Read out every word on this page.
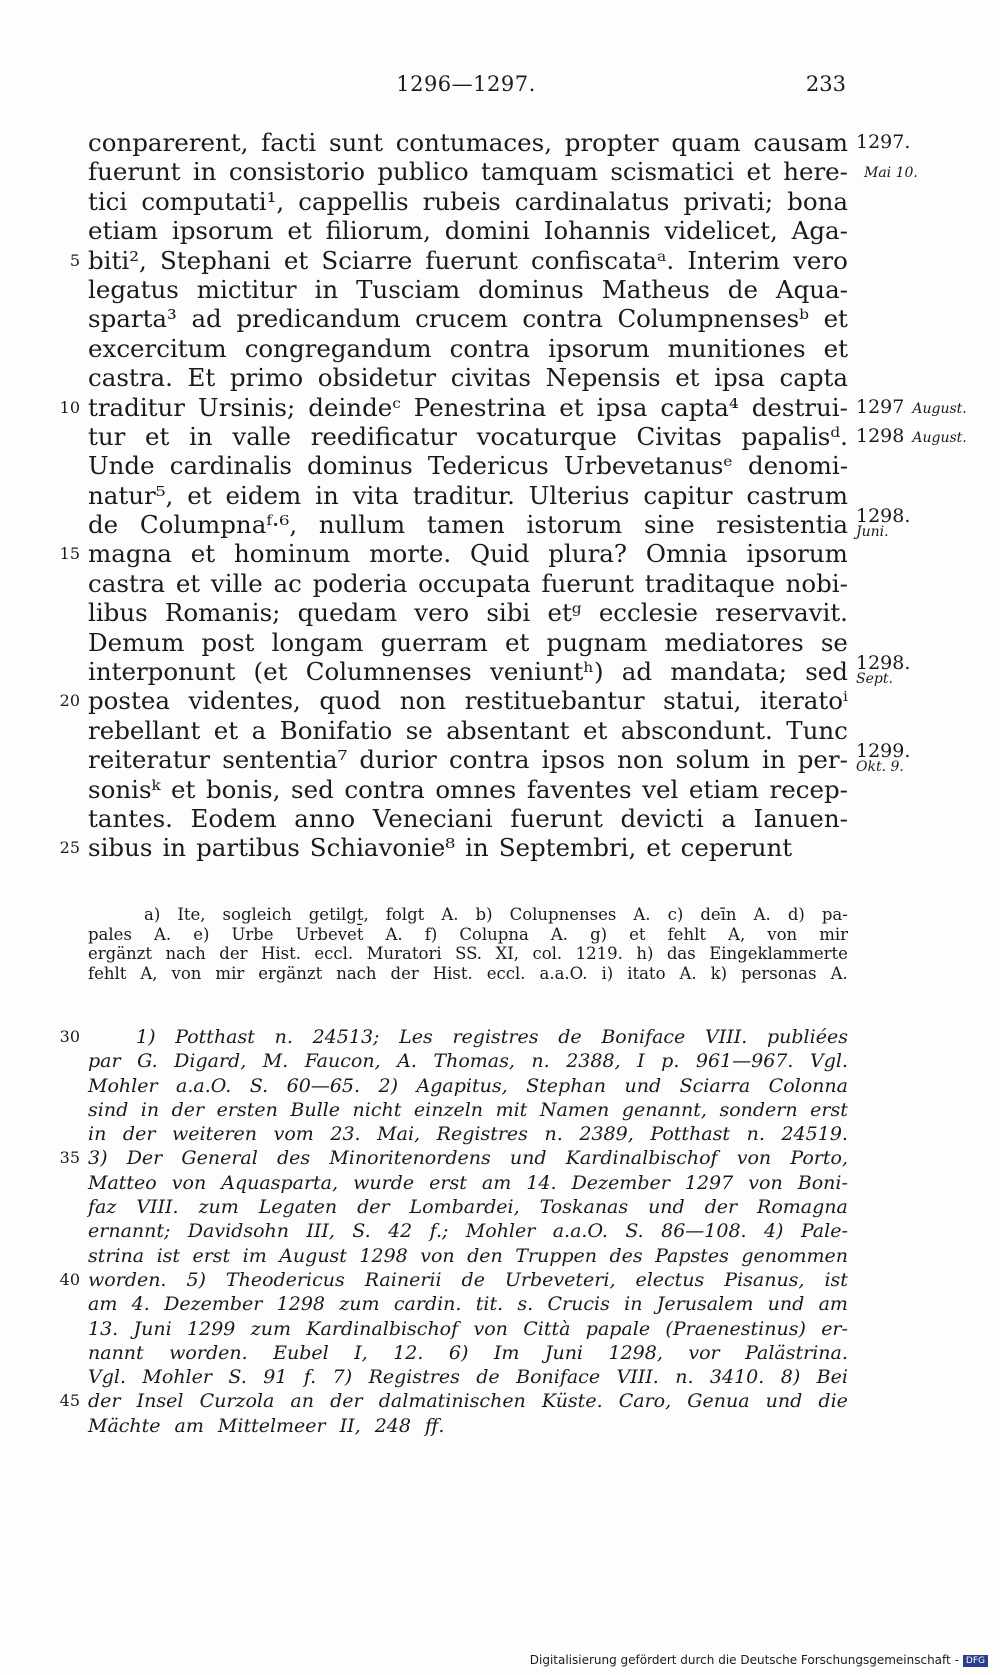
1296—1297.	233
conparerent, facti sunt contumaces, propter quam causam 1297.
fuerunt in consistorio publico tamquam scismatici et here-	Mai 10.
tici computati¹, cappellis rubeis cardinalatus privati; bona
etiam ipsorum et filiorum, domini Iohannis videlicet, Aga-
5 biti², Stephani et Sciarre fuerunt confiscataᵃ. Interim vero
legatus mictitur in Tusciam dominus Matheus de Aqua-
sparta³ ad predicandum crucem contra Columpnensesᵇ et
excercitum congregandum contra ipsorum munitiones et
castra. Et primo obsidetur civitas Nepensis et ipsa capta
10 traditur Ursinis; deindeᶜ Penestrina et ipsa capta⁴ destrui- 1297 August.
tur et in valle reedificatur vocaturque Civitas papalisᵈ. 1298 August.
Unde cardinalis dominus Tedericus Urbevetanusᵉ denomi-
natur⁵, et eidem in vita traditur. Ulterius capitur castrum
de Columpnaᶠ·⁶, nullum tamen istorum sine resistentia 1298.
Juni.
15 magna et hominum morte. Quid plura? Omnia ipsorum
castra et ville ac poderia occupata fuerunt traditaque nobi-
libus Romanis; quedam vero sibi etᵍ ecclesie reservavit.
Demum post longam guerram et pugnam mediatores se
interponunt (et Columnenses veniuntʰ) ad mandata; sed 1298.
Sept.
20 postea videntes, quod non restituebantur statui, iteratoⁱ
rebellant et a Bonifatio se absentant et abscondunt. Tunc
reiteratur sententia⁷ durior contra ipsos non solum in per- 1299.
Okt. 9.
sonisᵏ et bonis, sed contra omnes faventes vel etiam recep-
tantes. Eodem anno Veneciani fuerunt devicti a Ianuen-
25 sibus in partibus Schiavonie⁸ in Septembri, et ceperunt
a) Ite, sogleich getilgt, folgt A. b) Colupnenses A. c) deīn A. d) pa-
pales A. e) Urbe Urbevet̄ A. f) Colupna A. g) et fehlt A, von mir
ergänzt nach der Hist. eccl. Muratori SS. XI, col. 1219. h) das Eingeklammerte
fehlt A, von mir ergänzt nach der Hist. eccl. a.a.O. i) itato A. k) personas A.
30	1) Potthast n. 24513; Les registres de Boniface VIII. publiées
par G. Digard, M. Faucon, A. Thomas, n. 2388, I p. 961—967. Vgl.
Mohler a.a.O. S. 60—65. 2) Agapitus, Stephan und Sciarra Colonna
sind in der ersten Bulle nicht einzeln mit Namen genannt, sondern erst
in der weiteren vom 23. Mai, Registres n. 2389, Potthast n. 24519.
35 3) Der General des Minoritenordens und Kardinalbischof von Porto,
Matteo von Aquasparta, wurde erst am 14. Dezember 1297 von Boni-
faz VIII. zum Legaten der Lombardei, Toskanas und der Romagna
ernannt; Davidsohn III, S. 42 f.; Mohler a.a.O. S. 86—108. 4) Pale-
strina ist erst im August 1298 von den Truppen des Papstes genommen
40 worden. 5) Theodericus Rainerii de Urbeveteri, electus Pisanus, ist
am 4. Dezember 1298 zum cardin. tit. s. Crucis in Jerusalem und am
13. Juni 1299 zum Kardinalbischof von Città papale (Praenestinus) er-
nannt worden. Eubel I, 12. 6) Im Juni 1298, vor Palästrina.
Vgl. Mohler S. 91 f. 7) Registres de Boniface VIII. n. 3410. 8) Bei
45 der Insel Curzola an der dalmatinischen Küste. Caro, Genua und die
Mächte am Mittelmeer II, 248 ff.
Digitalisierung gefördert durch die Deutsche Forschungsgemeinschaft - DFG
